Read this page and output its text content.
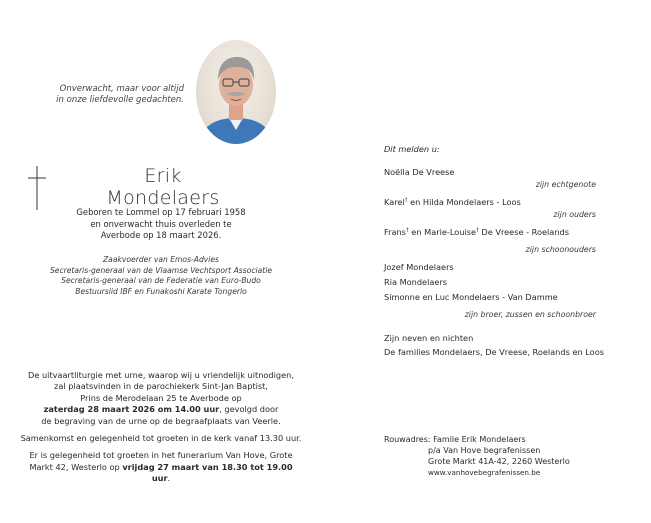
Onverwacht, maar voor altijd
in onze liefdevolle gedachten.
Erik Mondelaers
Geboren te Lommel op 17 februari 1958
en onverwacht thuis overleden te
Averbode op 18 maart 2026.
Zaakvoerder van Emos-Advies
Secretaris-generaal van de Vlaamse Vechtsport Associatie
Secretaris-generaal van de Federatie van Euro-Budo
Bestuurslid IBF en Funakoshi Karate Tongerlo

De uitvaartliturgie met urne, waarop wij u vriendelijk uitnodigen,
zal plaatsvinden in de parochiekerk Sint-Jan Baptist,
Prins de Merodelaan 25 te Averbode op
zaterdag 28 maart 2026 om 14.00 uur, gevolgd door
de begraving van de urne op de begraafplaats van Veerle.

Samenkomst en gelegenheid tot groeten in de kerk vanaf 13.30 uur.

Er is gelegenheid tot groeten in het funerarium Van Hove, Grote
Markt 42, Westerlo op vrijdag 27 maart van 18.30 tot 19.00 uur.

Dit melden u:
Noëlla De Vreese
zijn echtgenote
Karel† en Hilda Mondelaers - Loos
zijn ouders
Frans† en Marie-Louise† De Vreese - Roelands
zijn schoonouders
Jozef Mondelaers
Ria Mondelaers
Simonne en Luc Mondelaers - Van Damme
zijn broer, zussen en schoonbroer
Zijn neven en nichten
De families Mondelaers, De Vreese, Roelands en Loos
Rouwadres: Famile Erik Mondelaers
p/a Van Hove begrafenissen
Grote Markt 41A-42, 2260 Westerlo
www.vanhovebegrafenissen.be
